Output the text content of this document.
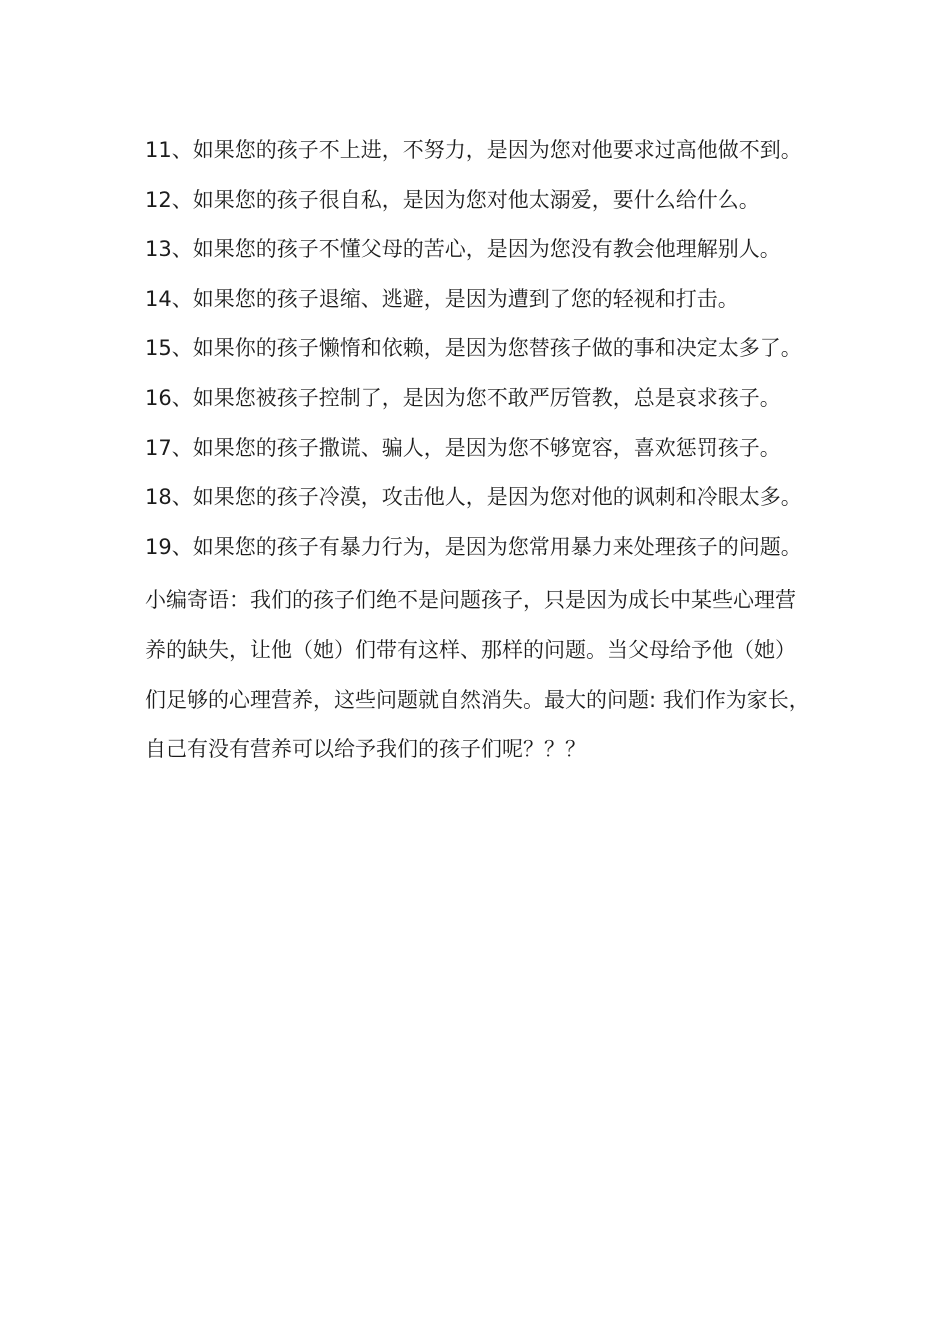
11、如果您的孩子不上进，不努力，是因为您对他要求过高他做不到。

12、如果您的孩子很自私，是因为您对他太溺爱，要什么给什么。

13、如果您的孩子不懂父母的苦心，是因为您没有教会他理解别人。

14、如果您的孩子退缩、逃避，是因为遭到了您的轻视和打击。

15、如果你的孩子懒惰和依赖，是因为您替孩子做的事和决定太多了。

16、如果您被孩子控制了，是因为您不敢严厉管教，总是哀求孩子。

17、如果您的孩子撒谎、骗人，是因为您不够宽容，喜欢惩罚孩子。

18、如果您的孩子冷漠，攻击他人，是因为您对他的讽刺和冷眼太多。

19、如果您的孩子有暴力行为，是因为您常用暴力来处理孩子的问题。

小编寄语：我们的孩子们绝不是问题孩子，只是因为成长中某些心理营养的缺失，让他（她）们带有这样、那样的问题。当父母给予他（她）们足够的心理营养，这些问题就自然消失。最大的问题: 我们作为家长，自己有没有营养可以给予我们的孩子们呢？？？
